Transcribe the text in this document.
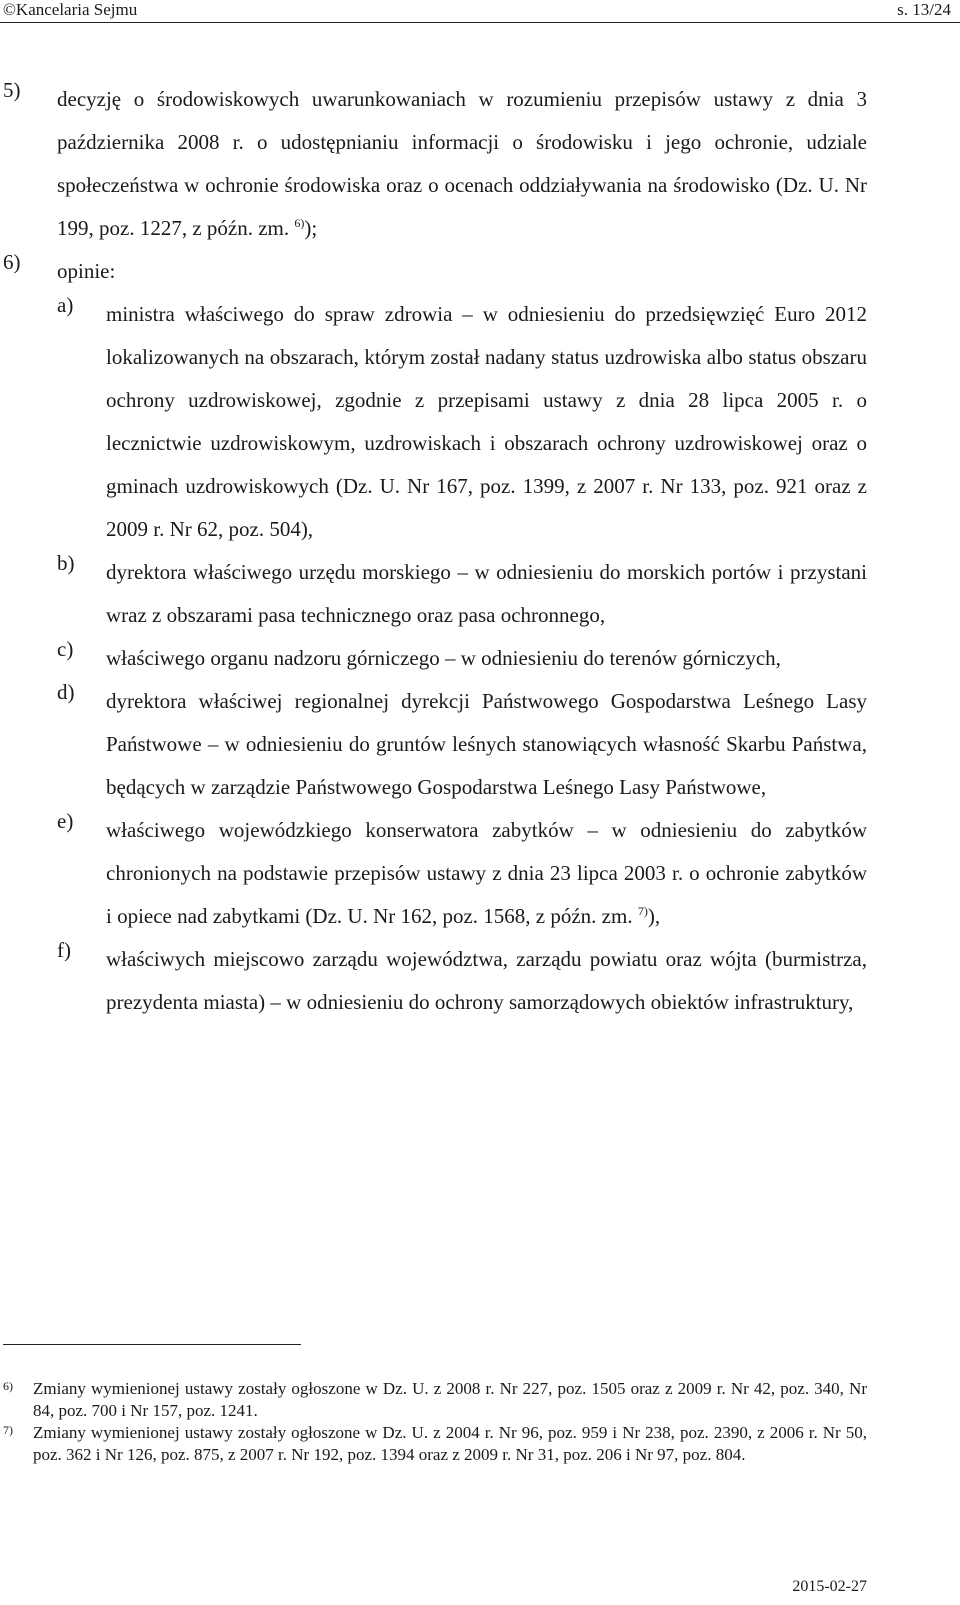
©Kancelaria Sejmu	s. 13/24
5) decyzję o środowiskowych uwarunkowaniach w rozumieniu przepisów ustawy z dnia 3 października 2008 r. o udostępnianiu informacji o środowisku i jego ochronie, udziale społeczeństwa w ochronie środowiska oraz o ocenach oddziaływania na środowisko (Dz. U. Nr 199, poz. 1227, z późn. zm. $^{6)}$);
6) opinie:
a) ministra właściwego do spraw zdrowia – w odniesieniu do przedsięwzięć Euro 2012 lokalizowanych na obszarach, którym został nadany status uzdrowiska albo status obszaru ochrony uzdrowiskowej, zgodnie z przepisami ustawy z dnia 28 lipca 2005 r. o lecznictwie uzdrowiskowym, uzdrowiskach i obszarach ochrony uzdrowiskowej oraz o gminach uzdrowiskowych (Dz. U. Nr 167, poz. 1399, z 2007 r. Nr 133, poz. 921 oraz z 2009 r. Nr 62, poz. 504),
b) dyrektora właściwego urzędu morskiego – w odniesieniu do morskich portów i przystani wraz z obszarami pasa technicznego oraz pasa ochronnego,
c) właściwego organu nadzoru górniczego – w odniesieniu do terenów górniczych,
d) dyrektora właściwej regionalnej dyrekcji Państwowego Gospodarstwa Leśnego Lasy Państwowe – w odniesieniu do gruntów leśnych stanowiących własność Skarbu Państwa, będących w zarządzie Państwowego Gospodarstwa Leśnego Lasy Państwowe,
e) właściwego wojewódzkiego konserwatora zabytków – w odniesieniu do zabytków chronionych na podstawie przepisów ustawy z dnia 23 lipca 2003 r. o ochronie zabytków i opiece nad zabytkami (Dz. U. Nr 162, poz. 1568, z późn. zm. $^{7)}$),
f) właściwych miejscowo zarządu województwa, zarządu powiatu oraz wójta (burmistrza, prezydenta miasta) – w odniesieniu do ochrony samorządowych obiektów infrastruktury,
6) Zmiany wymienionej ustawy zostały ogłoszone w Dz. U. z 2008 r. Nr 227, poz. 1505 oraz z 2009 r. Nr 42, poz. 340, Nr 84, poz. 700 i Nr 157, poz. 1241.
7) Zmiany wymienionej ustawy zostały ogłoszone w Dz. U. z 2004 r. Nr 96, poz. 959 i Nr 238, poz. 2390, z 2006 r. Nr 50, poz. 362 i Nr 126, poz. 875, z 2007 r. Nr 192, poz. 1394 oraz z 2009 r. Nr 31, poz. 206 i Nr 97, poz. 804.
2015-02-27
